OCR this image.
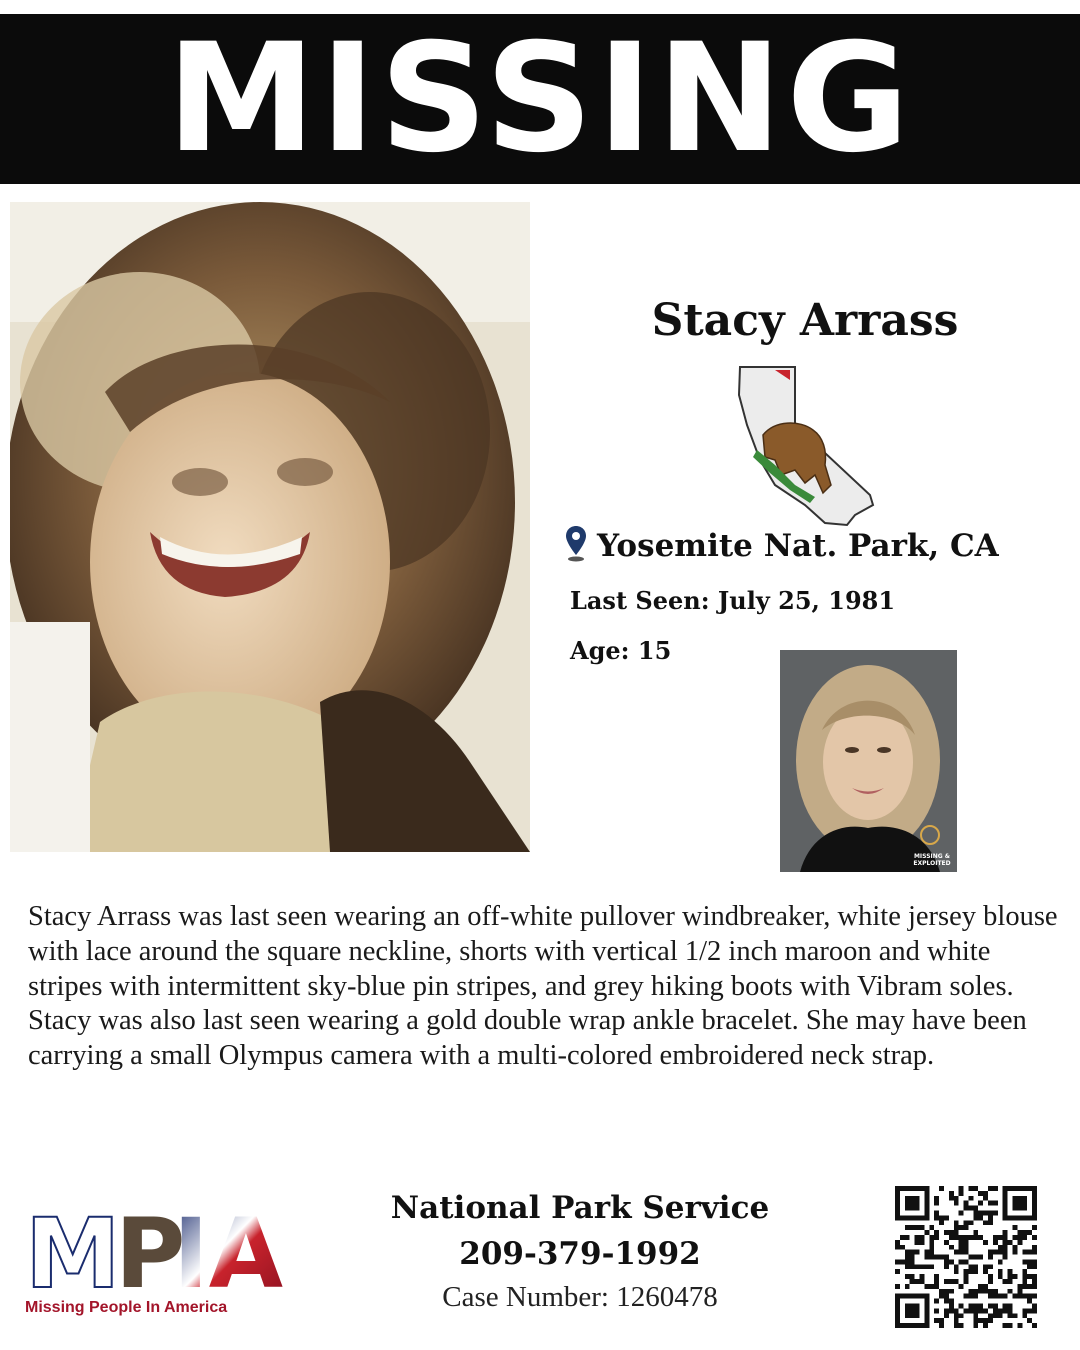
MISSING
Stacy Arrass
Yosemite Nat. Park, CA
Last Seen: July 25, 1981
Age: 15
MISSING &
EXPLOITED
Stacy Arrass was last seen wearing an off-white pullover windbreaker, white jersey blouse with lace around the square neckline, shorts with vertical 1/2 inch maroon and white stripes with intermittent sky-blue pin stripes, and grey hiking boots with Vibram soles. Stacy was also last seen wearing a gold double wrap ankle bracelet. She may have been carrying a small Olympus camera with a multi-colored embroidered neck strap.
M
P
IA
Missing People In America
National Park Service
209-379-1992
Case Number: 1260478
